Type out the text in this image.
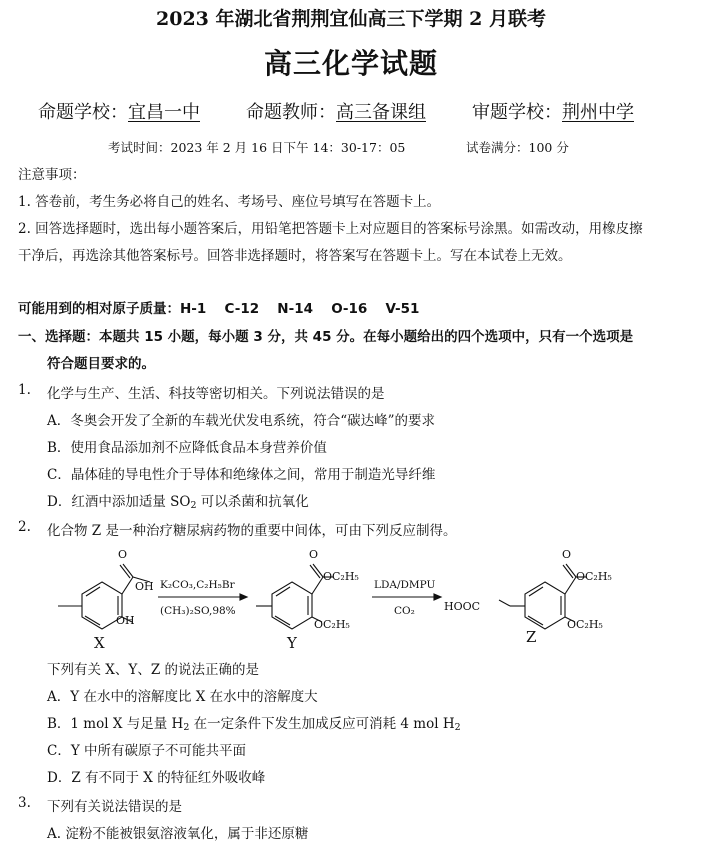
2023 年湖北省荆荆宜仙高三下学期 2 月联考
高三化学试题
命题学校：宜昌一中	命题教师：高三备课组	审题学校：荆州中学
考试时间：2023 年 2 月 16 日下午 14：30-17：05	试卷满分：100 分
注意事项：
1. 答卷前，考生务必将自己的姓名、考场号、座位号填写在答题卡上。
2. 回答选择题时，选出每小题答案后，用铅笔把答题卡上对应题目的答案标号涂黑。如需改动，用橡皮擦
干净后，再选涂其他答案标号。回答非选择题时，将答案写在答题卡上。写在本试卷上无效。
可能用到的相对原子质量：H-1　 C-12　 N-14　 O-16　 V-51
一、选择题：本题共 15 小题，每小题 3 分，共 45 分。在每小题给出的四个选项中，只有一个选项是
符合题目要求的。
1. 化学与生产、生活、科技等密切相关。下列说法错误的是
A．冬奥会开发了全新的车载光伏发电系统，符合“碳达峰”的要求
B．使用食品添加剂不应降低食品本身营养价值
C．晶体硅的导电性介于导体和绝缘体之间，常用于制造光导纤维
D．红酒中添加适量 $SO_2$ 可以杀菌和抗氧化
2. 化合物 Z 是一种治疗糖尿病药物的重要中间体，可由下列反应制得。
O
OH
OH
X
K₂CO₃,C₂H₅Br
(CH₃)₂SO,98%
O
OC₂H₅
OC₂H₅
Y
LDA/DMPU
CO₂
O
OC₂H₅
OC₂H₅
HOOC
Z
下列有关 X、Y、Z 的说法正确的是
A．Y 在水中的溶解度比 X 在水中的溶解度大
B．1 mol X 与足量 $H_2$ 在一定条件下发生加成反应可消耗 4 mol $H_2$
C．Y 中所有碳原子不可能共平面
D．Z 有不同于 X 的特征红外吸收峰
3. 下列有关说法错误的是
A. 淀粉不能被银氨溶液氧化，属于非还原糖
